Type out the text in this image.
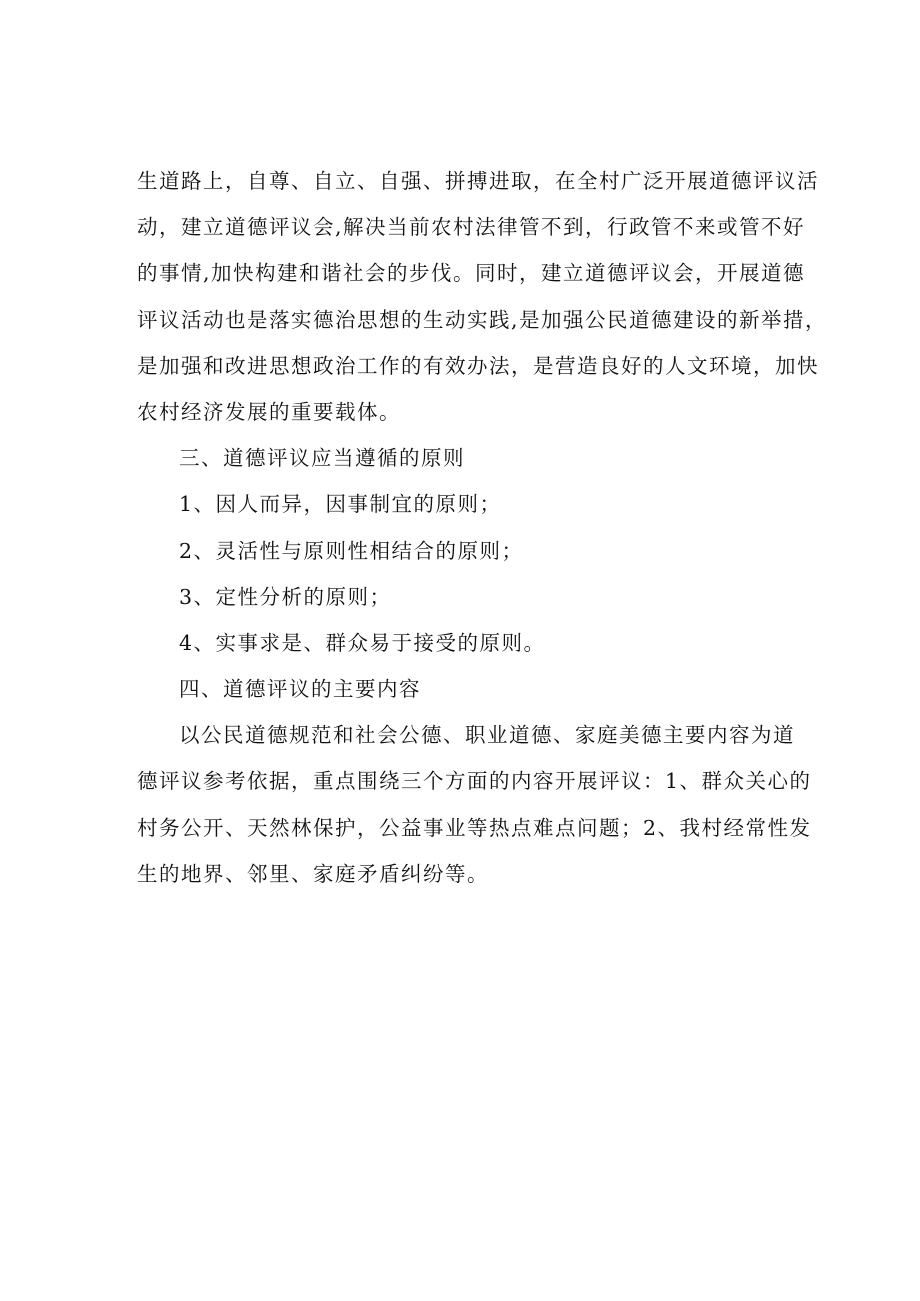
生道路上，自尊、自立、自强、拼搏进取，在全村广泛开展道德评议活
动，建立道德评议会,解决当前农村法律管不到，行政管不来或管不好
的事情,加快构建和谐社会的步伐。同时，建立道德评议会，开展道德
评议活动也是落实德治思想的生动实践,是加强公民道德建设的新举措，
是加强和改进思想政治工作的有效办法，是营造良好的人文环境，加快
农村经济发展的重要载体。
三、道德评议应当遵循的原则
1、因人而异，因事制宜的原则；
2、灵活性与原则性相结合的原则；
3、定性分析的原则；
4、实事求是、群众易于接受的原则。
四、道德评议的主要内容
以公民道德规范和社会公德、职业道德、家庭美德主要内容为道
德评议参考依据，重点围绕三个方面的内容开展评议：1、群众关心的
村务公开、天然林保护，公益事业等热点难点问题；2、我村经常性发
生的地界、邻里、家庭矛盾纠纷等。
